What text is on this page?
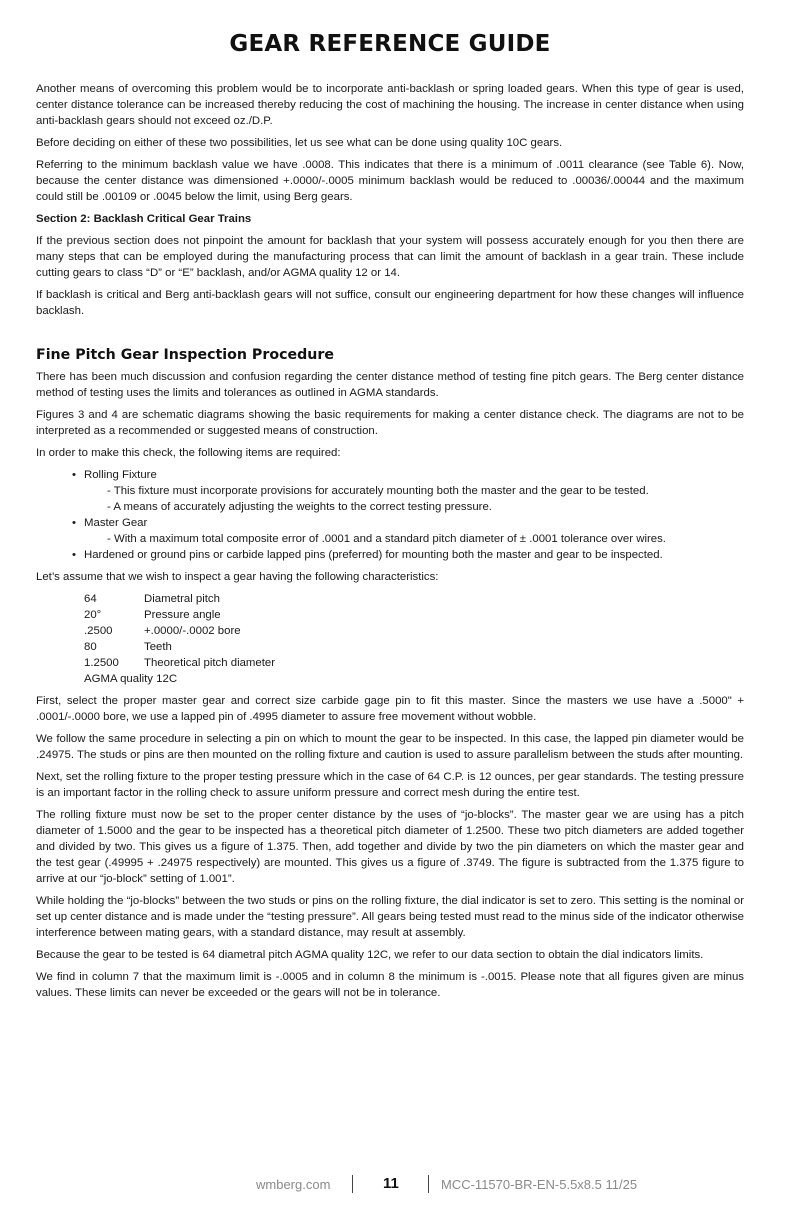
GEAR REFERENCE GUIDE

Another means of overcoming this problem would be to incorporate anti-backlash or spring loaded gears. When this type of gear is used, center distance tolerance can be increased thereby reducing the cost of machining the housing. The increase in center distance when using anti-backlash gears should not exceed oz./D.P.

Before deciding on either of these two possibilities, let us see what can be done using quality 10C gears.

Referring to the minimum backlash value we have .0008. This indicates that there is a minimum of .0011 clearance (see Table 6). Now, because the center distance was dimensioned +.0000/-.0005 minimum backlash would be reduced to .00036/.00044 and the maximum could still be .00109 or .0045 below the limit, using Berg gears.

Section 2: Backlash Critical Gear Trains

If the previous section does not pinpoint the amount for backlash that your system will possess accurately enough for you then there are many steps that can be employed during the manufacturing process that can limit the amount of backlash in a gear train. These include cutting gears to class “D” or “E” backlash, and/or AGMA quality 12 or 14.

If backlash is critical and Berg anti-backlash gears will not suffice, consult our engineering department for how these changes will influence backlash.

Fine Pitch Gear Inspection Procedure

There has been much discussion and confusion regarding the center distance method of testing fine pitch gears. The Berg center distance method of testing uses the limits and tolerances as outlined in AGMA standards.

Figures 3 and 4 are schematic diagrams showing the basic requirements for making a center distance check. The diagrams are not to be interpreted as a recommended or suggested means of construction.

In order to make this check, the following items are required:

• Rolling Fixture
- This fixture must incorporate provisions for accurately mounting both the master and the gear to be tested.
- A means of accurately adjusting the weights to the correct testing pressure.
• Master Gear
- With a maximum total composite error of .0001 and a standard pitch diameter of ± .0001 tolerance over wires.
• Hardened or ground pins or carbide lapped pins (preferred) for mounting both the master and gear to be inspected.

Let’s assume that we wish to inspect a gear having the following characteristics:

64	Diametral pitch
20°	Pressure angle
.2500	+.0000/-.0002 bore
80	Teeth
1.2500	Theoretical pitch diameter
AGMA quality 12C	

First, select the proper master gear and correct size carbide gage pin to fit this master. Since the masters we use have a .5000" + .0001/-.0000 bore, we use a lapped pin of .4995 diameter to assure free movement without wobble.

We follow the same procedure in selecting a pin on which to mount the gear to be inspected. In this case, the lapped pin diameter would be .24975. The studs or pins are then mounted on the rolling fixture and caution is used to assure parallelism between the studs after mounting.

Next, set the rolling fixture to the proper testing pressure which in the case of 64 C.P. is 12 ounces, per gear standards. The testing pressure is an important factor in the rolling check to assure uniform pressure and correct mesh during the entire test.

The rolling fixture must now be set to the proper center distance by the uses of “jo-blocks”. The master gear we are using has a pitch diameter of 1.5000 and the gear to be inspected has a theoretical pitch diameter of 1.2500. These two pitch diameters are added together and divided by two. This gives us a figure of 1.375. Then, add together and divide by two the pin diameters on which the master gear and the test gear (.49995 + .24975 respectively) are mounted. This gives us a figure of .3749. The figure is subtracted from the 1.375 figure to arrive at our “jo-block” setting of 1.001”.

While holding the “jo-blocks” between the two studs or pins on the rolling fixture, the dial indicator is set to zero. This setting is the nominal or set up center distance and is made under the “testing pressure”. All gears being tested must read to the minus side of the indicator otherwise interference between mating gears, with a standard distance, may result at assembly.

Because the gear to be tested is 64 diametral pitch AGMA quality 12C, we refer to our data section to obtain the dial indicators limits.

We find in column 7 that the maximum limit is -.0005 and in column 8 the minimum is -.0015. Please note that all figures given are minus values. These limits can never be exceeded or the gears will not be in tolerance.

wmberg.com	11	MCC-11570-BR-EN-5.5x8.5 11/25
